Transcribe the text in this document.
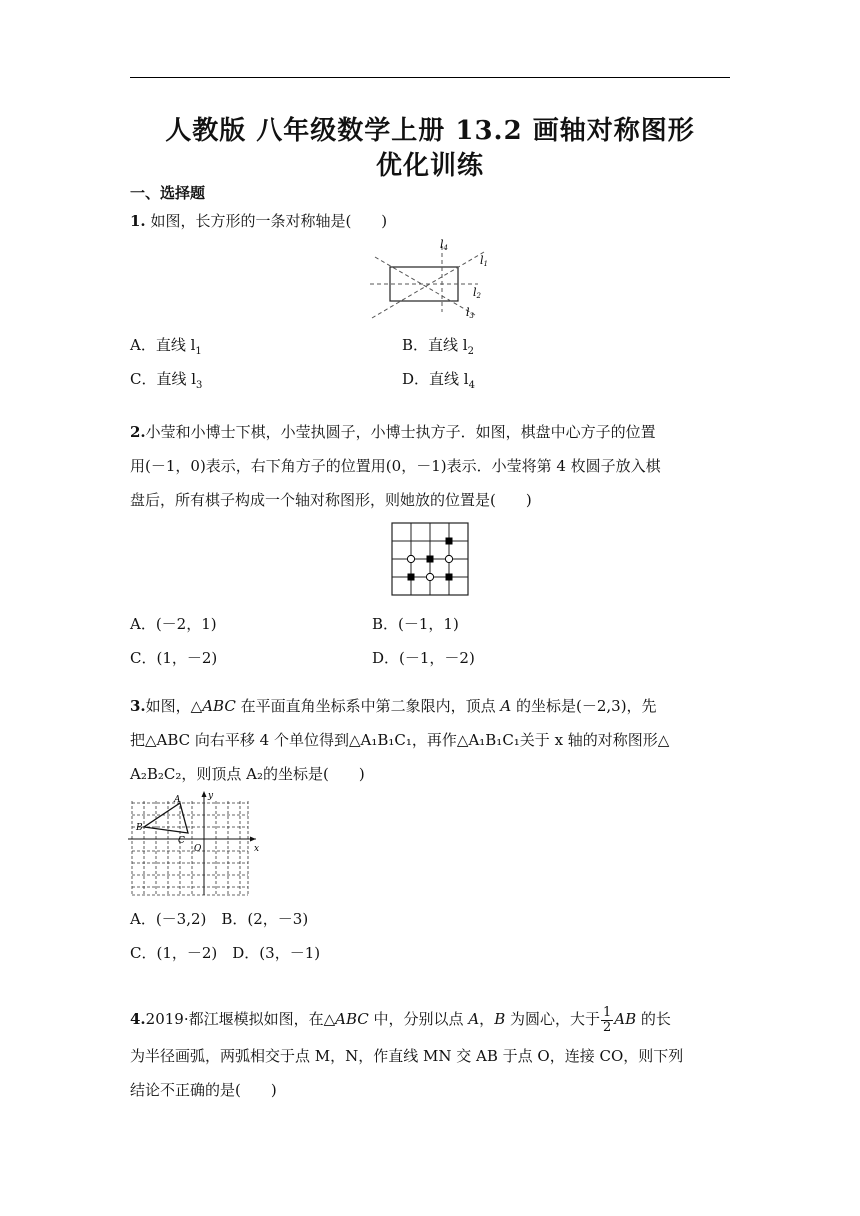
人教版 八年级数学上册 13.2 画轴对称图形
优化训练
一、选择题
1. 如图，长方形的一条对称轴是(　　)
l4
l1
l2
l3
A．直线 $l_1$	B．直线 $l_2$
C．直线 $l_3$	D．直线 $l_4$
2.小莹和小博士下棋，小莹执圆子，小博士执方子．如图，棋盘中心方子的位置
用(－1，0)表示，右下角方子的位置用(0，－1)表示．小莹将第 4 枚圆子放入棋
盘后，所有棋子构成一个轴对称图形，则她放的位置是(　　)
A．(－2，1)	B．(－1，1)
C．(1，－2)	D．(－1，－2)
3.如图，△ABC 在平面直角坐标系中第二象限内，顶点 A 的坐标是(－2,3)，先
把△ABC 向右平移 4 个单位得到△A₁B₁C₁，再作△A₁B₁C₁关于 x 轴的对称图形△
A₂B₂C₂，则顶点 A₂的坐标是(　　)
y
x
O
A
B
C
A．(－3,2)　B．(2，－3)
C．(1，－2)　D．(3，－1)
4.2019·都江堰模拟如图，在△ABC 中，分别以点 A，B 为圆心，大于 $\frac{1}{2}$ AB 的长
为半径画弧，两弧相交于点 M，N，作直线 MN 交 AB 于点 O，连接 CO，则下列
结论不正确的是(　　)
